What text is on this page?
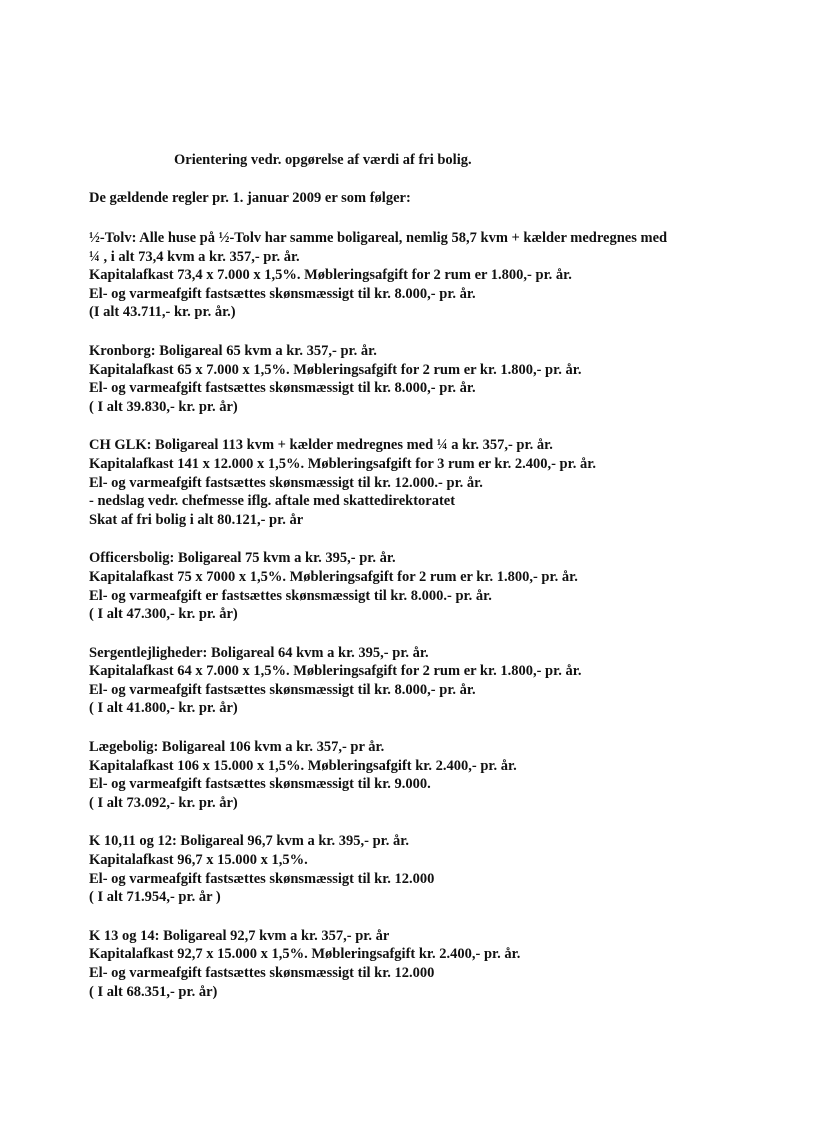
Orientering vedr. opgørelse af værdi af fri bolig.
De gældende regler pr. 1. januar 2009 er som følger:
½-Tolv: Alle huse på ½-Tolv har samme boligareal, nemlig 58,7 kvm + kælder medregnes med
¼ , i alt 73,4 kvm a kr. 357,- pr. år.
Kapitalafkast 73,4 x 7.000 x 1,5%. Møbleringsafgift for 2 rum er 1.800,- pr. år.
El- og varmeafgift fastsættes skønsmæssigt til kr. 8.000,- pr. år.
(I alt 43.711,- kr. pr. år.)
Kronborg: Boligareal 65 kvm a kr. 357,- pr. år.
Kapitalafkast 65 x 7.000 x 1,5%. Møbleringsafgift for 2 rum er kr. 1.800,- pr. år.
El- og varmeafgift fastsættes skønsmæssigt til kr. 8.000,- pr. år.
( I alt 39.830,- kr. pr. år)
CH GLK: Boligareal 113 kvm + kælder medregnes med ¼ a kr. 357,- pr. år.
Kapitalafkast 141 x 12.000 x 1,5%. Møbleringsafgift for 3 rum er kr. 2.400,- pr. år.
El- og varmeafgift fastsættes skønsmæssigt til kr. 12.000.- pr. år.
- nedslag vedr. chefmesse iflg. aftale med skattedirektoratet
Skat af fri bolig i alt 80.121,- pr. år
Officersbolig: Boligareal 75 kvm a kr. 395,- pr. år.
Kapitalafkast 75 x 7000 x 1,5%. Møbleringsafgift for 2 rum er kr. 1.800,- pr. år.
El- og varmeafgift er fastsættes skønsmæssigt til kr. 8.000.- pr. år.
( I alt 47.300,- kr. pr. år)
Sergentlejligheder: Boligareal 64 kvm a kr. 395,- pr. år.
Kapitalafkast 64 x 7.000 x 1,5%. Møbleringsafgift for 2 rum er kr. 1.800,- pr. år.
El- og varmeafgift fastsættes skønsmæssigt til kr. 8.000,- pr. år.
( I alt 41.800,- kr. pr. år)
Lægebolig: Boligareal 106 kvm a kr. 357,- pr år.
Kapitalafkast 106 x 15.000 x 1,5%. Møbleringsafgift kr. 2.400,- pr. år.
El- og varmeafgift fastsættes skønsmæssigt til kr. 9.000.
( I alt 73.092,- kr. pr. år)
K 10,11 og 12: Boligareal 96,7 kvm a kr. 395,- pr. år.
Kapitalafkast 96,7 x 15.000 x 1,5%.
El- og varmeafgift fastsættes skønsmæssigt til kr. 12.000
( I alt 71.954,- pr. år )
K 13 og 14: Boligareal 92,7 kvm a kr. 357,- pr. år
Kapitalafkast 92,7 x 15.000 x 1,5%. Møbleringsafgift kr. 2.400,- pr. år.
El- og varmeafgift fastsættes skønsmæssigt til kr. 12.000
( I alt 68.351,- pr. år)
